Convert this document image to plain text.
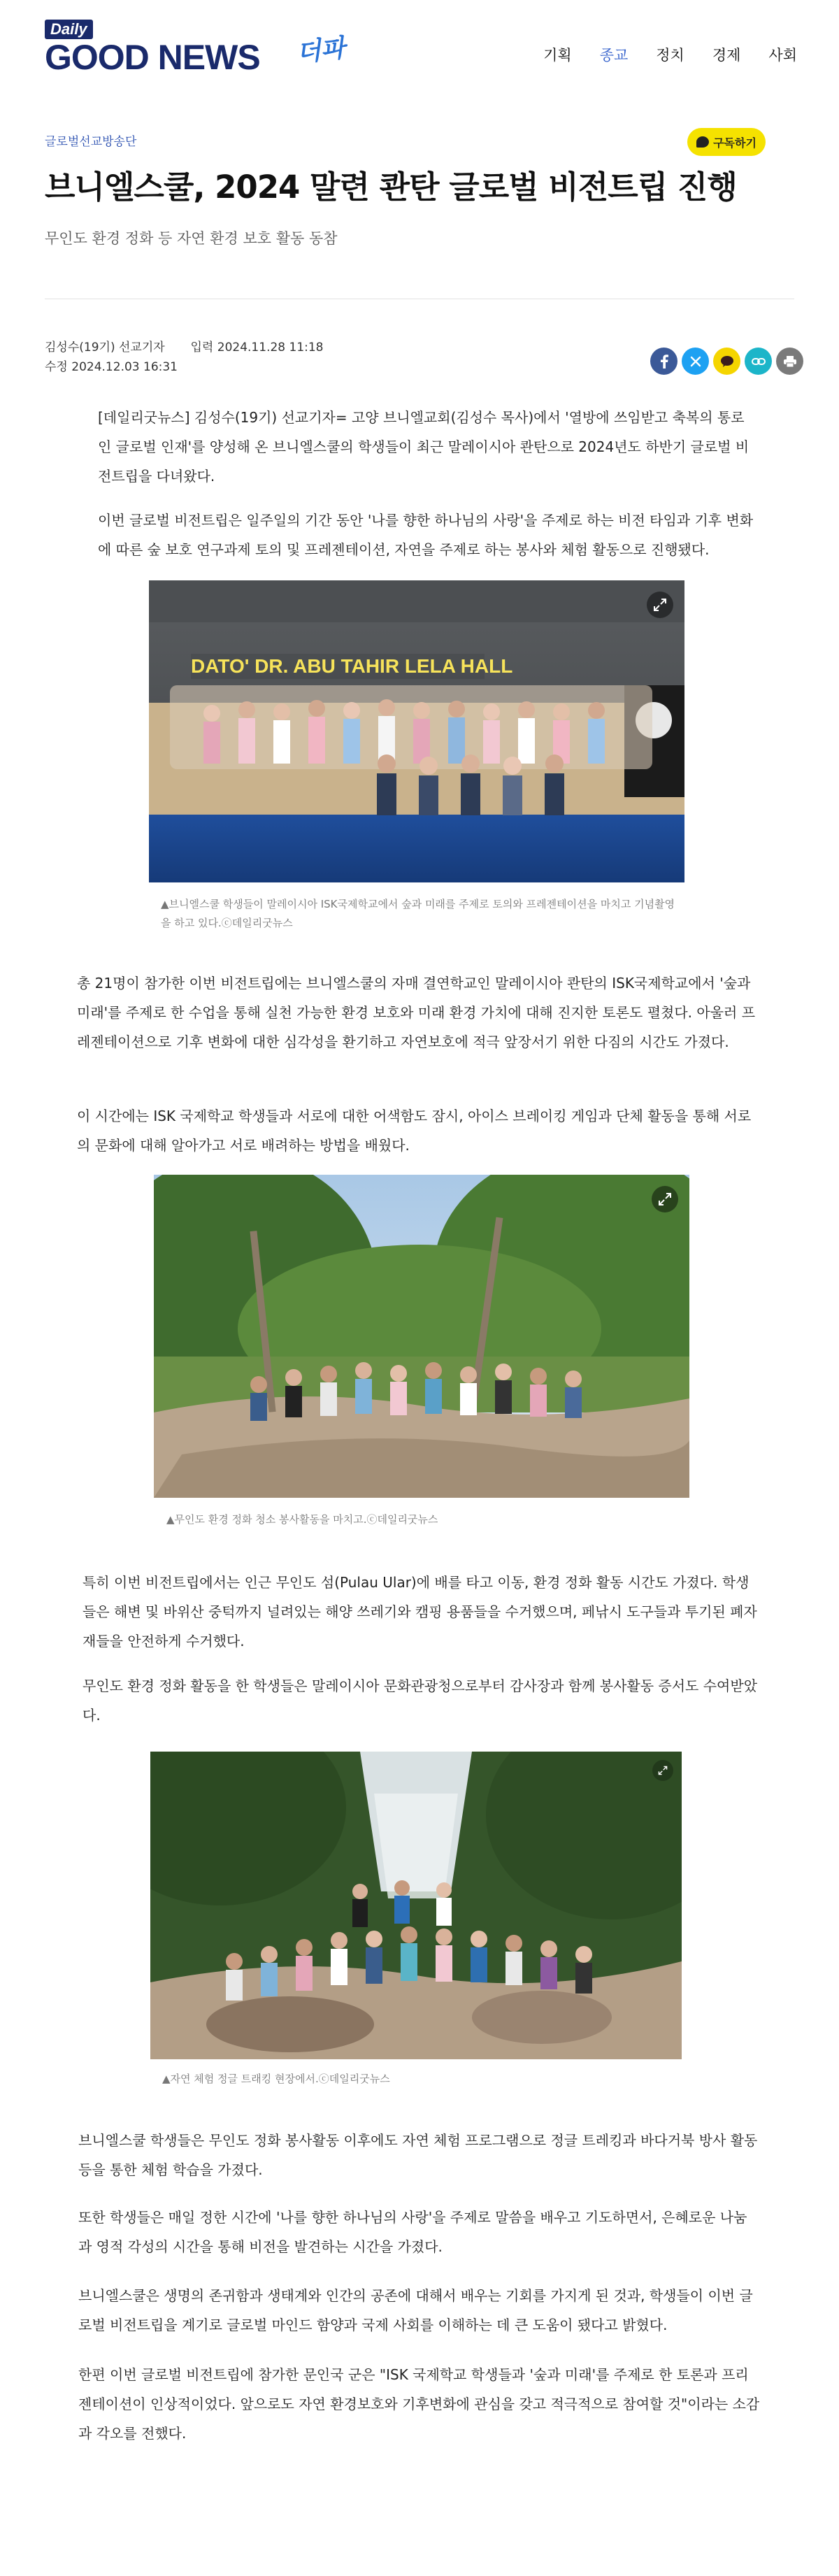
Daily
GOOD NEWS 더파	기획	종교	정치	경제	사회
글로벌선교방송단	구독하기
브니엘스쿨, 2024 말련 콴탄 글로벌 비전트립 진행
무인도 환경 정화 등 자연 환경 보호 활동 동참
김성수(19기) 선교기자 입력 2024.11.28 11:18
수정 2024.12.03 16:31

[데일리굿뉴스] 김성수(19기) 선교기자= 고양 브니엘교회(김성수 목사)에서 '열방에 쓰임받고 축복의 통로인 글로벌 인재'를 양성해 온 브니엘스쿨의 학생들이 최근 말레이시아 콴탄으로 2024년도 하반기 글로벌 비전트립을 다녀왔다.

이번 글로벌 비전트립은 일주일의 기간 동안 '나를 향한 하나님의 사랑'을 주제로 하는 비전 타임과 기후 변화에 따른 숲 보호 연구과제 토의 및 프레젠테이션, 자연을 주제로 하는 봉사와 체험 활동으로 진행됐다.

DATO' DR. ABU TAHIR LELA HALL
▲브니엘스쿨 학생들이 말레이시아 ISK국제학교에서 숲과 미래를 주제로 토의와 프레젠테이션을 마치고 기념촬영을 하고 있다.ⓒ데일리굿뉴스

총 21명이 참가한 이번 비전트립에는 브니엘스쿨의 자매 결연학교인 말레이시아 콴탄의 ISK국제학교에서 '숲과 미래'를 주제로 한 수업을 통해 실천 가능한 환경 보호와 미래 환경 가치에 대해 진지한 토론도 펼쳤다. 아울러 프레젠테이션으로 기후 변화에 대한 심각성을 환기하고 자연보호에 적극 앞장서기 위한 다짐의 시간도 가졌다.

이 시간에는 ISK 국제학교 학생들과 서로에 대한 어색함도 잠시, 아이스 브레이킹 게임과 단체 활동을 통해 서로의 문화에 대해 알아가고 서로 배려하는 방법을 배웠다.

▲무인도 환경 정화 청소 봉사활동을 마치고.ⓒ데일리굿뉴스

특히 이번 비전트립에서는 인근 무인도 섬(Pulau Ular)에 배를 타고 이동, 환경 정화 활동 시간도 가졌다. 학생들은 해변 및 바위산 중턱까지 널려있는 해양 쓰레기와 캠핑 용품들을 수거했으며, 페낚시 도구들과 투기된 폐자재들을 안전하게 수거했다.

무인도 환경 정화 활동을 한 학생들은 말레이시아 문화관광청으로부터 감사장과 함께 봉사활동 증서도 수여받았다.

▲자연 체험 정글 트래킹 현장에서.ⓒ데일리굿뉴스

브니엘스쿨 학생들은 무인도 정화 봉사활동 이후에도 자연 체험 프로그램으로 정글 트레킹과 바다거북 방사 활동 등을 통한 체험 학습을 가졌다.

또한 학생들은 매일 정한 시간에 '나를 향한 하나님의 사랑'을 주제로 말씀을 배우고 기도하면서, 은혜로운 나눔과 영적 각성의 시간을 통해 비전을 발견하는 시간을 가졌다.

브니엘스쿨은 생명의 존귀함과 생태계와 인간의 공존에 대해서 배우는 기회를 가지게 된 것과, 학생들이 이번 글로벌 비전트립을 계기로 글로벌 마인드 함양과 국제 사회를 이해하는 데 큰 도움이 됐다고 밝혔다.

한편 이번 글로벌 비전트립에 참가한 문인국 군은 "ISK 국제학교 학생들과 '숲과 미래'를 주제로 한 토론과 프리젠테이션이 인상적이었다. 앞으로도 자연 환경보호와 기후변화에 관심을 갖고 적극적으로 참여할 것"이라는 소감과 각오를 전했다.
